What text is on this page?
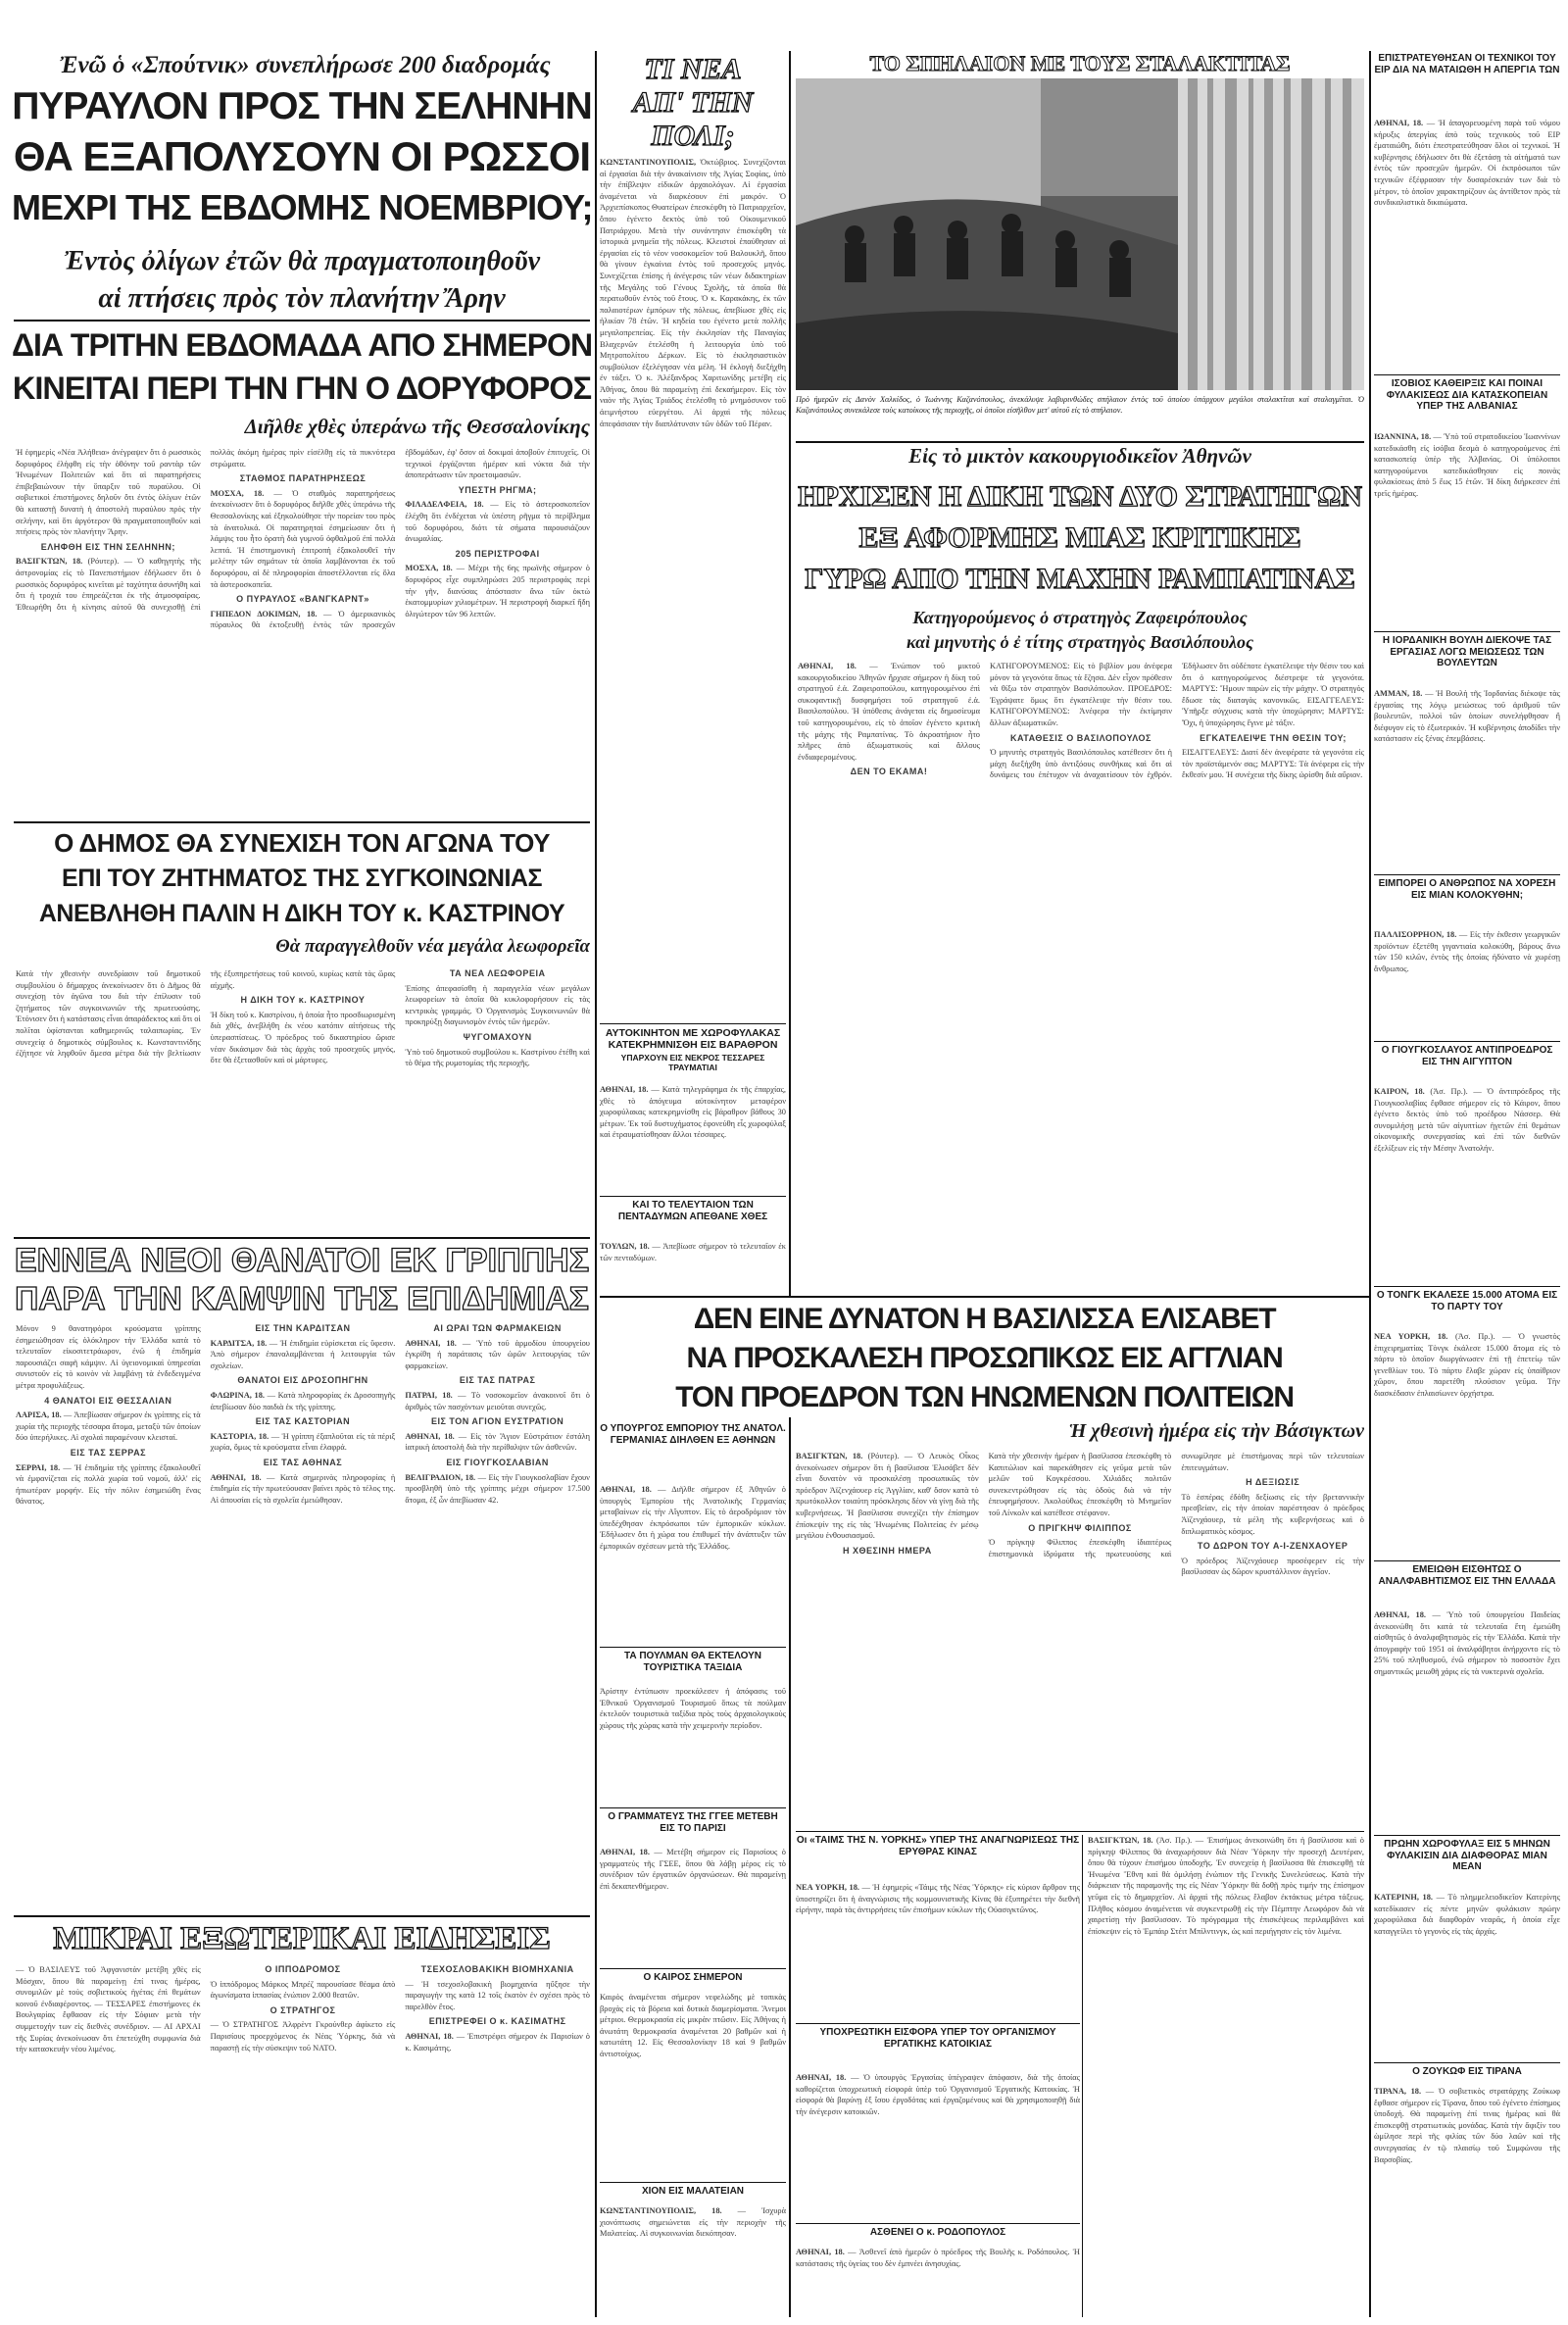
Ἐνῶ ὁ «Σπούτνικ» συνεπλήρωσε 200 διαδρομάς
ΠΥΡΑΥΛΟΝ ΠΡΟΣ ΤΗΝ ΣΕΛΗΝΗΝ
ΘΑ ΕΞΑΠΟΛΥΣΟΥΝ ΟΙ ΡΩΣΣΟΙ
ΜΕΧΡΙ ΤΗΣ ΕΒΔΟΜΗΣ ΝΟΕΜΒΡΙΟΥ;
Ἐντὸς ὀλίγων ἐτῶν θὰ πραγματοποιηθοῦν
αἱ πτήσεις πρὸς τὸν πλανήτην Ἄρην
ΔΙΑ ΤΡΙΤΗΝ ΕΒΔΟΜΑΔΑ ΑΠΟ ΣΗΜΕΡΟΝ
ΚΙΝΕΙΤΑΙ ΠΕΡΙ ΤΗΝ ΓΗΝ Ο ΔΟΡΥΦΟΡΟΣ
Διῆλθε χθὲς ὑπεράνω τῆς Θεσσαλονίκης
Ἡ ἐφημερὶς «Νέα Ἀλήθεια» ἀνέγραψεν ὅτι ὁ ρωσσικὸς δορυφόρος ἐλήφθη εἰς τὴν ὀθόνην τοῦ ραντὰρ τῶν Ἡνωμένων Πολιτειῶν καὶ ὅτι αἱ παρατηρήσεις ἐπιβεβαιώνουν τὴν ὕπαρξιν τοῦ πυραύλου. Οἱ σοβιετικοὶ ἐπιστήμονες δηλοῦν ὅτι ἐντὸς ὀλίγων ἐτῶν θὰ καταστῇ δυνατὴ ἡ ἀποστολὴ πυραύλου πρὸς τὴν σελήνην, καὶ ὅτι ἀργότερον θὰ πραγματοποιηθοῦν καὶ πτήσεις πρὸς τὸν πλανήτην Ἄρην.
ΕΛΗΦΘΗ ΕΙΣ ΤΗΝ ΣΕΛΗΝΗΝ;
ΒΑΣΙΓΚΤΩΝ, 18. (Ρόυτερ). — Ὁ καθηγητὴς τῆς ἀστρονομίας εἰς τὸ Πανεπιστήμιον ἐδήλωσεν ὅτι ὁ ρωσσικὸς δορυφόρος κινεῖται μὲ ταχύτητα ἀσυνήθη καὶ ὅτι ἡ τροχιά του ἐπηρεάζεται ἐκ τῆς ἀτμοσφαίρας. Ἐθεωρήθη ὅτι ἡ κίνησις αὐτοῦ θὰ συνεχισθῇ ἐπὶ πολλὰς ἀκόμη ἡμέρας πρὶν εἰσέλθῃ εἰς τὰ πυκνότερα στρώματα.
ΣΤΑΘΜΟΣ ΠΑΡΑΤΗΡΗΣΕΩΣ
ΜΟΣΧΑ, 18. — Ὁ σταθμὸς παρατηρήσεως ἀνεκοίνωσεν ὅτι ὁ δορυφόρος διῆλθε χθὲς ὑπεράνω τῆς Θεσσαλονίκης καὶ ἐξηκολούθησε τὴν πορείαν του πρὸς τὰ ἀνατολικά. Οἱ παρατηρηταὶ ἐσημείωσαν ὅτι ἡ λάμψις του ἦτο ὁρατὴ διὰ γυμνοῦ ὀφθαλμοῦ ἐπὶ πολλὰ λεπτά. Ἡ ἐπιστημονικὴ ἐπιτροπὴ ἐξακολουθεῖ τὴν μελέτην τῶν σημάτων τὰ ὁποῖα λαμβάνονται ἐκ τοῦ δορυφόρου, αἱ δὲ πληροφορίαι ἀποστέλλονται εἰς ὅλα τὰ ἀστεροσκοπεῖα.
Ο ΠΥΡΑΥΛΟΣ «ΒΑΝΓΚΑΡΝΤ»
ΓΗΠΕΔΟΝ ΔΟΚΙΜΩΝ, 18. — Ὁ ἀμερικανικὸς πύραυλος θὰ ἐκτοξευθῇ ἐντὸς τῶν προσεχῶν ἑβδομάδων, ἐφ' ὅσον αἱ δοκιμαὶ ἀποβοῦν ἐπιτυχεῖς. Οἱ τεχνικοὶ ἐργάζονται ἡμέραν καὶ νύκτα διὰ τὴν ἀποπεράτωσιν τῶν προετοιμασιῶν.
ΥΠΕΣΤΗ ΡΗΓΜΑ;
ΦΙΛΑΔΕΛΦΕΙΑ, 18. — Εἰς τὸ ἀστεροσκοπεῖον ἐλέχθη ὅτι ἐνδέχεται νὰ ὑπέστη ρῆγμα τὸ περίβλημα τοῦ δορυφόρου, διότι τὰ σήματα παρουσιάζουν ἀνωμαλίας.
205 ΠΕΡΙΣΤΡΟΦΑΙ
ΜΟΣΧΑ, 18. — Μέχρι τῆς 6ης πρωϊνῆς σήμερον ὁ δορυφόρος εἶχε συμπληρώσει 205 περιστροφὰς περὶ τὴν γῆν, διανύσας ἀπόστασιν ἄνω τῶν ὀκτὼ ἑκατομμυρίων χιλιομέτρων. Ἡ περιστροφὴ διαρκεῖ ἤδη ὀλιγώτερον τῶν 96 λεπτῶν.
Ο ΔΗΜΟΣ ΘΑ ΣΥΝΕΧΙΣΗ ΤΟΝ ΑΓΩΝΑ ΤΟΥ
ΕΠΙ ΤΟΥ ΖΗΤΗΜΑΤΟΣ ΤΗΣ ΣΥΓΚΟΙΝΩΝΙΑΣ
ΑΝΕΒΛΗΘΗ ΠΑΛΙΝ Η ΔΙΚΗ ΤΟΥ κ. ΚΑΣΤΡΙΝΟΥ
Θὰ παραγγελθοῦν νέα μεγάλα λεωφορεῖα
Κατὰ τὴν χθεσινὴν συνεδρίασιν τοῦ δημοτικοῦ συμβουλίου ὁ δήμαρχος ἀνεκοίνωσεν ὅτι ὁ Δῆμος θὰ συνεχίσῃ τὸν ἀγῶνα του διὰ τὴν ἐπίλυσιν τοῦ ζητήματος τῶν συγκοινωνιῶν τῆς πρωτευούσης. Ἐτόνισεν ὅτι ἡ κατάστασις εἶναι ἀπαράδεκτος καὶ ὅτι οἱ πολῖται ὑφίστανται καθημερινῶς ταλαιπωρίας. Ἐν συνεχείᾳ ὁ δημοτικὸς σύμβουλος κ. Κωνσταντινίδης ἐζήτησε νὰ ληφθοῦν ἄμεσα μέτρα διὰ τὴν βελτίωσιν τῆς ἐξυπηρετήσεως τοῦ κοινοῦ, κυρίως κατὰ τὰς ὥρας αἰχμῆς.
Η ΔΙΚΗ ΤΟΥ κ. ΚΑΣΤΡΙΝΟΥ
Ἡ δίκη τοῦ κ. Καστρίνου, ἡ ὁποία ἦτο προσδιωρισμένη διὰ χθές, ἀνεβλήθη ἐκ νέου κατόπιν αἰτήσεως τῆς ὑπερασπίσεως. Ὁ πρόεδρος τοῦ δικαστηρίου ὥρισε νέαν δικάσιμον διὰ τὰς ἀρχὰς τοῦ προσεχοῦς μηνός, ὅτε θὰ ἐξετασθοῦν καὶ οἱ μάρτυρες.
ΤΑ ΝΕΑ ΛΕΩΦΟΡΕΙΑ
Ἐπίσης ἀπεφασίσθη ἡ παραγγελία νέων μεγάλων λεωφορείων τὰ ὁποῖα θὰ κυκλοφορήσουν εἰς τὰς κεντρικὰς γραμμάς. Ὁ Ὀργανισμὸς Συγκοινωνιῶν θὰ προκηρύξῃ διαγωνισμὸν ἐντὸς τῶν ἡμερῶν.
ΨΥΓΟΜΑΧΟΥΝ
Ὑπὸ τοῦ δημοτικοῦ συμβούλου κ. Καστρίνου ἐτέθη καὶ τὸ θέμα τῆς ρυμοτομίας τῆς περιοχῆς.
ΕΝΝΕΑ ΝΕΟΙ ΘΑΝΑΤΟΙ ΕΚ ΓΡΙΠΠΗΣ
ΠΑΡΑ ΤΗΝ ΚΑΜΨΙΝ ΤΗΣ ΕΠΙΔΗΜΙΑΣ
Μόνον 9 θανατηφόροι κρούσματα γρίππης ἐσημειώθησαν εἰς ὁλόκληρον τὴν Ἑλλάδα κατὰ τὸ τελευταῖον εἰκοσιτετράωρον, ἐνῶ ἡ ἐπιδημία παρουσιάζει σαφῆ κάμψιν. Αἱ ὑγειονομικαὶ ὑπηρεσίαι συνιστοῦν εἰς τὸ κοινὸν νὰ λαμβάνῃ τὰ ἐνδεδειγμένα μέτρα προφυλάξεως.
4 ΘΑΝΑΤΟΙ ΕΙΣ ΘΕΣΣΑΛΙΑΝ
ΛΑΡΙΣΑ, 18. — Ἀπεβίωσαν σήμερον ἐκ γρίππης εἰς τὰ χωρία τῆς περιοχῆς τέσσαρα ἄτομα, μεταξὺ τῶν ὁποίων δύο ὑπερήλικες. Αἱ σχολαὶ παραμένουν κλεισταί.
ΕΙΣ ΤΑΣ ΣΕΡΡΑΣ
ΣΕΡΡΑΙ, 18. — Ἡ ἐπιδημία τῆς γρίππης ἐξακολουθεῖ νὰ ἐμφανίζεται εἰς πολλὰ χωρία τοῦ νομοῦ, ἀλλ' εἰς ἠπιωτέραν μορφήν. Εἰς τὴν πόλιν ἐσημειώθη ἕνας θάνατος.
ΕΙΣ ΤΗΝ ΚΑΡΔΙΤΣΑΝ
ΚΑΡΔΙΤΣΑ, 18. — Ἡ ἐπιδημία εὑρίσκεται εἰς ὕφεσιν. Ἀπὸ σήμερον ἐπαναλαμβάνεται ἡ λειτουργία τῶν σχολείων.
ΘΑΝΑΤΟΙ ΕΙΣ ΔΡΟΣΟΠΗΓΗΝ
ΦΛΩΡΙΝΑ, 18. — Κατὰ πληροφορίας ἐκ Δροσοπηγῆς ἀπεβίωσαν δύο παιδιὰ ἐκ τῆς γρίππης.
ΕΙΣ ΤΑΣ ΚΑΣΤΟΡΙΑΝ
ΚΑΣΤΟΡΙΑ, 18. — Ἡ γρίππη ἐξαπλοῦται εἰς τὰ πέριξ χωρία, ὅμως τὰ κρούσματα εἶναι ἐλαφρά.
ΕΙΣ ΤΑΣ ΑΘΗΝΑΣ
ΑΘΗΝΑΙ, 18. — Κατὰ σημερινὰς πληροφορίας ἡ ἐπιδημία εἰς τὴν πρωτεύουσαν βαίνει πρὸς τὸ τέλος της. Αἱ ἀπουσίαι εἰς τὰ σχολεῖα ἐμειώθησαν.
ΑΙ ΩΡΑΙ ΤΩΝ ΦΑΡΜΑΚΕΙΩΝ
ΑΘΗΝΑΙ, 18. — Ὑπὸ τοῦ ἁρμοδίου ὑπουργείου ἐγκρίθη ἡ παράτασις τῶν ὡρῶν λειτουργίας τῶν φαρμακείων.
ΕΙΣ ΤΑΣ ΠΑΤΡΑΣ
ΠΑΤΡΑΙ, 18. — Τὸ νοσοκομεῖον ἀνακοινοῖ ὅτι ὁ ἀριθμὸς τῶν πασχόντων μειοῦται συνεχῶς.
ΕΙΣ ΤΟΝ ΑΓΙΟΝ ΕΥΣΤΡΑΤΙΟΝ
ΑΘΗΝΑΙ, 18. — Εἰς τὸν Ἅγιον Εὐστράτιον ἐστάλη ἰατρικὴ ἀποστολὴ διὰ τὴν περίθαλψιν τῶν ἀσθενῶν.
ΕΙΣ ΓΙΟΥΓΚΟΣΛΑΒΙΑΝ
ΒΕΛΙΓΡΑΔΙΟΝ, 18. — Εἰς τὴν Γιουγκοσλαβίαν ἔχουν προσβληθῆ ὑπὸ τῆς γρίππης μέχρι σήμερον 17.500 ἄτομα, ἐξ ὧν ἀπεβίωσαν 42.
ΜΙΚΡΑΙ ΕΞΩΤΕΡΙΚΑΙ ΕΙΔΗΣΕΙΣ
— Ὁ ΒΑΣΙΛΕΥΣ τοῦ Ἀφγανιστὰν μετέβη χθὲς εἰς Μόσχαν, ὅπου θὰ παραμείνῃ ἐπί τινας ἡμέρας, συνομιλῶν μὲ τοὺς σοβιετικοὺς ἡγέτας ἐπὶ θεμάτων κοινοῦ ἐνδιαφέροντος. — ΤΕΣΣΑΡΕΣ ἐπιστήμονες ἐκ Βουλγαρίας ἔφθασαν εἰς τὴν Σόφιαν μετὰ τὴν συμμετοχήν των εἰς διεθνὲς συνέδριον. — ΑΙ ΑΡΧΑΙ τῆς Συρίας ἀνεκοίνωσαν ὅτι ἐπετεύχθη συμφωνία διὰ τὴν κατασκευὴν νέου λιμένος.
Ο ΙΠΠΟΔΡΟΜΟΣ
Ὁ ἱππόδρομος Μάρκος Μπρέζ παρουσίασε θέαμα ἀπὸ ἀγωνίσματα ἱππασίας ἐνώπιον 2.000 θεατῶν.
Ο ΣΤΡΑΤΗΓΟΣ
— Ὁ ΣΤΡΑΤΗΓΟΣ Ἀλφρὲντ Γκρούνθερ ἀφίκετο εἰς Παρισίους προερχόμενος ἐκ Νέας Ὑόρκης, διὰ νὰ παραστῇ εἰς τὴν σύσκεψιν τοῦ ΝΑΤΟ.
ΤΣΕΧΟΣΛΟΒΑΚΙΚΗ ΒΙΟΜΗΧΑΝΙΑ
— Ἡ τσεχοσλοβακικὴ βιομηχανία ηὔξησε τὴν παραγωγήν της κατὰ 12 τοῖς ἑκατὸν ἐν σχέσει πρὸς τὸ παρελθὸν ἔτος.
ΕΠΙΣΤΡΕΦΕΙ Ο κ. ΚΑΣΙΜΑΤΗΣ
ΑΘΗΝΑΙ, 18. — Ἐπιστρέφει σήμερον ἐκ Παρισίων ὁ κ. Κασιμάτης.
ΤΙ ΝΕΑ
ΑΠ' ΤΗΝ
ΠΟΛΙ;
ΚΩΝΣΤΑΝΤΙΝΟΥΠΟΛΙΣ, Ὀκτώβριος. Συνεχίζονται αἱ ἐργασίαι διὰ τὴν ἀνακαίνισιν τῆς Ἁγίας Σοφίας, ὑπὸ τὴν ἐπίβλεψιν εἰδικῶν ἀρχαιολόγων. Αἱ ἐργασίαι ἀναμένεται νὰ διαρκέσουν ἐπὶ μακρόν. Ὁ Ἀρχιεπίσκοπος Θυατείρων ἐπεσκέφθη τὸ Πατριαρχεῖον, ὅπου ἐγένετο δεκτὸς ὑπὸ τοῦ Οἰκουμενικοῦ Πατριάρχου. Μετὰ τὴν συνάντησιν ἐπισκέφθη τὰ ἱστορικὰ μνημεῖα τῆς πόλεως. Κλειστοὶ ἐπαύθησαν αἱ ἐργασίαι εἰς τὸ νέον νοσοκομεῖον τοῦ Βαλουκλῆ, ὅπου θὰ γίνουν ἐγκαίνια ἐντὸς τοῦ προσεχοῦς μηνός. Συνεχίζεται ἐπίσης ἡ ἀνέγερσις τῶν νέων διδακτηρίων τῆς Μεγάλης τοῦ Γένους Σχολῆς, τὰ ὁποῖα θὰ περατωθοῦν ἐντὸς τοῦ ἔτους. Ὁ κ. Καρακάκης, ἐκ τῶν παλαιοτέρων ἐμπόρων τῆς πόλεως, ἀπεβίωσε χθὲς εἰς ἡλικίαν 78 ἐτῶν. Ἡ κηδεία του ἐγένετο μετὰ πολλῆς μεγαλοπρεπείας. Εἰς τὴν ἐκκλησίαν τῆς Παναγίας Βλαχερνῶν ἐτελέσθη ἡ λειτουργία ὑπὸ τοῦ Μητροπολίτου Δέρκων. Εἰς τὸ ἐκκλησιαστικὸν συμβούλιον ἐξελέγησαν νέα μέλη. Ἡ ἐκλογὴ διεξήχθη ἐν τάξει. Ὁ κ. Ἀλέξανδρος Χαριτωνίδης μετέβη εἰς Ἀθήνας, ὅπου θὰ παραμείνῃ ἐπὶ δεκαήμερον. Εἰς τὸν ναὸν τῆς Ἁγίας Τριάδος ἐτελέσθη τὸ μνημόσυνον τοῦ ἀειμνήστου εὐεργέτου. Αἱ ἀρχαὶ τῆς πόλεως ἀπεφάσισαν τὴν διαπλάτυνσιν τῶν ὁδῶν τοῦ Πέραν.
ΑΥΤΟΚΙΝΗΤΟΝ ΜΕ ΧΩΡΟΦΥΛΑΚΑΣ ΚΑΤΕΚΡΗΜΝΙΣΘΗ ΕΙΣ ΒΑΡΑΘΡΟΝ
ΥΠΑΡΧΟΥΝ ΕΙΣ ΝΕΚΡΟΣ ΤΕΣΣΑΡΕΣ ΤΡΑΥΜΑΤΙΑΙ
ΑΘΗΝΑΙ, 18. — Κατὰ τηλεγράφημα ἐκ τῆς ἐπαρχίας, χθὲς τὸ ἀπόγευμα αὐτοκίνητον μεταφέρον χωροφύλακας κατεκρημνίσθη εἰς βάραθρον βάθους 30 μέτρων. Ἐκ τοῦ δυστυχήματος ἐφονεύθη εἷς χωροφύλαξ καὶ ἐτραυματίσθησαν ἄλλοι τέσσαρες.
ΚΑΙ ΤΟ ΤΕΛΕΥΤΑΙΟΝ ΤΩΝ ΠΕΝΤΑΔΥΜΩΝ ΑΠΕΘΑΝΕ ΧΘΕΣ
ΤΟΥΛΩΝ, 18. — Ἀπεβίωσε σήμερον τὸ τελευταῖον ἐκ τῶν πενταδύμων.
ΤΟ ΣΠΗΛΑΙΟΝ ΜΕ ΤΟΥΣ ΣΤΑΛΑΚΤΙΤΑΣ
Πρὸ ἡμερῶν εἰς Δανὸν Χαλκίδος, ὁ Ἰωάννης Καζανόπουλος, ἀνεκάλυψε λαβυρινθώδες σπήλαιον ἐντὸς τοῦ ὁποίου ὑπάρχουν μεγάλοι σταλακτῖται καὶ σταλαγμῖται. Ὁ Καζανόπουλος συνεκάλεσε τοὺς κατοίκους τῆς περιοχῆς, οἱ ὁποῖοι εἰσῆλθον μετ' αὐτοῦ εἰς τὸ σπήλαιον.
Εἰς τὸ μικτὸν κακουργιοδικεῖον Ἀθηνῶν
ΗΡΧΙΣΕΝ Η ΔΙΚΗ ΤΩΝ ΔΥΟ ΣΤΡΑΤΗΓΩΝ
ΕΞ ΑΦΟΡΜΗΣ ΜΙΑΣ ΚΡΙΤΙΚΗΣ
ΓΥΡΩ ΑΠΟ ΤΗΝ ΜΑΧΗΝ ΡΑΜΠΑΤΙΝΑΣ
Κατηγορούμενος ὁ στρατηγὸς Ζαφειρόπουλος
καὶ μηνυτὴς ὁ ἐ τίτης στρατηγὸς Βασιλόπουλος
ΑΘΗΝΑΙ, 18. — Ἐνώπιον τοῦ μικτοῦ κακουργιοδικείου Ἀθηνῶν ἤρχισε σήμερον ἡ δίκη τοῦ στρατηγοῦ ἐ.ἀ. Ζαφειροπούλου, κατηγορουμένου ἐπὶ συκοφαντικῇ δυσφημήσει τοῦ στρατηγοῦ ἐ.ἀ. Βασιλοπούλου. Ἡ ὑπόθεσις ἀνάγεται εἰς δημοσίευμα τοῦ κατηγορουμένου, εἰς τὸ ὁποῖον ἐγένετο κριτικὴ τῆς μάχης τῆς Ραμπατίνας. Τὸ ἀκροατήριον ἦτο πλῆρες ἀπὸ ἀξιωματικοὺς καὶ ἄλλους ἐνδιαφερομένους.
ΔΕΝ ΤΟ ΕΚΑΜΑ!
ΚΑΤΗΓΟΡΟΥΜΕΝΟΣ: Εἰς τὸ βιβλίον μου ἀνέφερα μόνον τὰ γεγονότα ὅπως τὰ ἔζησα. Δὲν εἶχον πρόθεσιν νὰ θίξω τὸν στρατηγὸν Βασιλόπουλον. ΠΡΟΕΔΡΟΣ: Ἐγράψατε ὅμως ὅτι ἐγκατέλειψε τὴν θέσιν του. ΚΑΤΗΓΟΡΟΥΜΕΝΟΣ: Ἀνέφερα τὴν ἐκτίμησιν ἄλλων ἀξιωματικῶν.
ΚΑΤΑΘΕΣΙΣ Ο ΒΑΣΙΛΟΠΟΥΛΟΣ
Ὁ μηνυτὴς στρατηγὸς Βασιλόπουλος κατέθεσεν ὅτι ἡ μάχη διεξήχθη ὑπὸ ἀντιξόους συνθήκας καὶ ὅτι αἱ δυνάμεις του ἐπέτυχον νὰ ἀναχαιτίσουν τὸν ἐχθρόν. Ἐδήλωσεν ὅτι οὐδέποτε ἐγκατέλειψε τὴν θέσιν του καὶ ὅτι ὁ κατηγορούμενος διέστρεψε τὰ γεγονότα. ΜΑΡΤΥΣ: Ἤμουν παρὼν εἰς τὴν μάχην. Ὁ στρατηγὸς ἔδωσε τὰς διαταγὰς κανονικῶς. ΕΙΣΑΓΓΕΛΕΥΣ: Ὑπῆρξε σύγχυσις κατὰ τὴν ὑποχώρησιν; ΜΑΡΤΥΣ: Ὄχι, ἡ ὑποχώρησις ἔγινε μὲ τάξιν.
ΕΓΚΑΤΕΛΕΙΨΕ ΤΗΝ ΘΕΣΙΝ ΤΟΥ;
ΕΙΣΑΓΓΕΛΕΥΣ: Διατί δὲν ἀνεφέρατε τὰ γεγονότα εἰς τὸν προϊστάμενόν σας; ΜΑΡΤΥΣ: Τὰ ἀνέφερα εἰς τὴν ἔκθεσίν μου. Ἡ συνέχεια τῆς δίκης ὡρίσθη διὰ αὔριον.
ΔΕΝ ΕΙΝΕ ΔΥΝΑΤΟΝ Η ΒΑΣΙΛΙΣΣΑ ΕΛΙΣΑΒΕΤ
ΝΑ ΠΡΟΣΚΑΛΕΣΗ ΠΡΟΣΩΠΙΚΩΣ ΕΙΣ ΑΓΓΛΙΑΝ
ΤΟΝ ΠΡΟΕΔΡΟΝ ΤΩΝ ΗΝΩΜΕΝΩΝ ΠΟΛΙΤΕΙΩΝ
Ἡ χθεσινὴ ἡμέρα εἰς τὴν Βάσιγκτων
Ο ΥΠΟΥΡΓΟΣ ΕΜΠΟΡΙΟΥ ΤΗΣ ΑΝΑΤΟΛ. ΓΕΡΜΑΝΙΑΣ ΔΙΗΛΘΕΝ ΕΞ ΑΘΗΝΩΝ
ΑΘΗΝΑΙ, 18. — Διῆλθε σήμερον ἐξ Ἀθηνῶν ὁ ὑπουργὸς Ἐμπορίου τῆς Ἀνατολικῆς Γερμανίας μεταβαίνων εἰς τὴν Αἴγυπτον. Εἰς τὸ ἀεροδρόμιον τὸν ὑπεδέχθησαν ἐκπρόσωποι τῶν ἐμπορικῶν κύκλων. Ἐδήλωσεν ὅτι ἡ χώρα του ἐπιθυμεῖ τὴν ἀνάπτυξιν τῶν ἐμπορικῶν σχέσεων μετὰ τῆς Ἑλλάδος.
ΤΑ ΠΟΥΛΜΑΝ ΘΑ ΕΚΤΕΛΟΥΝ ΤΟΥΡΙΣΤΙΚΑ ΤΑΞΙΔΙΑ
Ἀρίστην ἐντύπωσιν προεκάλεσεν ἡ ἀπόφασις τοῦ Ἐθνικοῦ Ὀργανισμοῦ Τουρισμοῦ ὅπως τὰ πούλμαν ἐκτελοῦν τουριστικὰ ταξίδια πρὸς τοὺς ἀρχαιολογικοὺς χώρους τῆς χώρας κατὰ τὴν χειμερινὴν περίοδον.
Ο ΓΡΑΜΜΑΤΕΥΣ ΤΗΣ ΓΓΕΕ ΜΕΤΕΒΗ ΕΙΣ ΤΟ ΠΑΡΙΣΙ
ΑΘΗΝΑΙ, 18. — Μετέβη σήμερον εἰς Παρισίους ὁ γραμματεὺς τῆς ΓΣΕΕ, ὅπου θὰ λάβῃ μέρος εἰς τὸ συνέδριον τῶν ἐργατικῶν ὀργανώσεων. Θὰ παραμείνῃ ἐπὶ δεκαπενθήμερον.
Ο ΚΑΙΡΟΣ ΣΗΜΕΡΟΝ
Καιρὸς ἀναμένεται σήμερον νεφελώδης μὲ τοπικὰς βροχὰς εἰς τὰ βόρεια καὶ δυτικὰ διαμερίσματα. Ἄνεμοι μέτριοι. Θερμοκρασία εἰς μικρὰν πτῶσιν. Εἰς Ἀθήνας ἡ ἀνωτάτη θερμοκρασία ἀναμένεται 20 βαθμῶν καὶ ἡ κατωτάτη 12. Εἰς Θεσσαλονίκην 18 καὶ 9 βαθμῶν ἀντιστοίχως.
ΧΙΟΝ ΕΙΣ ΜΑΛΑΤΕΙΑΝ
ΚΩΝΣΤΑΝΤΙΝΟΥΠΟΛΙΣ, 18. — Ἰσχυρὰ χιονόπτωσις σημειώνεται εἰς τὴν περιοχὴν τῆς Μαλατείας. Αἱ συγκοινωνίαι διεκόπησαν.
ΒΑΣΙΓΚΤΩΝ, 18. (Ρόυτερ). — Ὁ Λευκὸς Οἶκος ἀνεκοίνωσεν σήμερον ὅτι ἡ βασίλισσα Ἐλισάβετ δὲν εἶναι δυνατὸν νὰ προσκαλέσῃ προσωπικῶς τὸν πρόεδρον Ἀϊζενχάουερ εἰς Ἀγγλίαν, καθ' ὅσον κατὰ τὸ πρωτόκολλον τοιαύτη πρόσκλησις δέον νὰ γίνῃ διὰ τῆς κυβερνήσεως. Ἡ βασίλισσα συνεχίζει τὴν ἐπίσημον ἐπίσκεψίν της εἰς τὰς Ἡνωμένας Πολιτείας ἐν μέσῳ μεγάλου ἐνθουσιασμοῦ.
Η ΧΘΕΣΙΝΗ ΗΜΕΡΑ
Κατὰ τὴν χθεσινὴν ἡμέραν ἡ βασίλισσα ἐπεσκέφθη τὸ Καπιτώλιον καὶ παρεκάθησεν εἰς γεῦμα μετὰ τῶν μελῶν τοῦ Κογκρέσσου. Χιλιάδες πολιτῶν συνεκεντρώθησαν εἰς τὰς ὁδοὺς διὰ νὰ τὴν ἐπευφημήσουν. Ἀκολούθως ἐπεσκέφθη τὸ Μνημεῖον τοῦ Λίνκολν καὶ κατέθεσε στέφανον.
Ο ΠΡΙΓΚΗΨ ΦΙΛΙΠΠΟΣ
Ὁ πρίγκηψ Φίλιππος ἐπεσκέφθη ἰδιαιτέρως ἐπιστημονικὰ ἱδρύματα τῆς πρωτευούσης καὶ συνωμίλησε μὲ ἐπιστήμονας περὶ τῶν τελευταίων ἐπιτευγμάτων.
Η ΔΕΞΙΩΣΙΣ
Τὸ ἑσπέρας ἐδόθη δεξίωσις εἰς τὴν βρεταννικὴν πρεσβείαν, εἰς τὴν ὁποίαν παρέστησαν ὁ πρόεδρος Ἀϊζενχάουερ, τὰ μέλη τῆς κυβερνήσεως καὶ ὁ διπλωματικὸς κόσμος.
ΤΟ ΔΩΡΟΝ ΤΟΥ Α-Ι-ΖΕΝΧΑΟΥΕΡ
Ὁ πρόεδρος Ἀϊζενχάουερ προσέφερεν εἰς τὴν βασίλισσαν ὡς δῶρον κρυστάλλινον ἀγγεῖον.
Οι «ΤΑΙΜΣ ΤΗΣ Ν. ΥΟΡΚΗΣ» ΥΠΕΡ ΤΗΣ ΑΝΑΓΝΩΡΙΣΕΩΣ ΤΗΣ ΕΡΥΘΡΑΣ ΚΙΝΑΣ
ΝΕΑ ΥΟΡΚΗ, 18. — Ἡ ἐφημερὶς «Τάιμς τῆς Νέας Ὑόρκης» εἰς κύριον ἄρθρον της ὑποστηρίζει ὅτι ἡ ἀναγνώρισις τῆς κομμουνιστικῆς Κίνας θὰ ἐξυπηρέτει τὴν διεθνῆ εἰρήνην, παρὰ τὰς ἀντιρρήσεις τῶν ἐπισήμων κύκλων τῆς Οὐασιγκτῶνος.
ΥΠΟΧΡΕΩΤΙΚΗ ΕΙΣΦΟΡΑ ΥΠΕΡ ΤΟΥ ΟΡΓΑΝΙΣΜΟΥ ΕΡΓΑΤΙΚΗΣ ΚΑΤΟΙΚΙΑΣ
ΑΘΗΝΑΙ, 18. — Ὁ ὑπουργὸς Ἐργασίας ὑπέγραψεν ἀπόφασιν, διὰ τῆς ὁποίας καθορίζεται ὑποχρεωτικὴ εἰσφορὰ ὑπὲρ τοῦ Ὀργανισμοῦ Ἐργατικῆς Κατοικίας. Ἡ εἰσφορὰ θὰ βαρύνῃ ἐξ ἴσου ἐργοδότας καὶ ἐργαζομένους καὶ θὰ χρησιμοποιηθῇ διὰ τὴν ἀνέγερσιν κατοικιῶν.
ΑΣΘΕΝΕΙ Ο κ. ΡΟΔΟΠΟΥΛΟΣ
ΑΘΗΝΑΙ, 18. — Ἀσθενεῖ ἀπὸ ἡμερῶν ὁ πρόεδρος τῆς Βουλῆς κ. Ροδόπουλος. Ἡ κατάστασις τῆς ὑγείας του δὲν ἐμπνέει ἀνησυχίας.
ΒΑΣΙΓΚΤΩΝ, 18. (Ἀσ. Πρ.). — Ἐπισήμως ἀνεκοινώθη ὅτι ἡ βασίλισσα καὶ ὁ πρίγκηψ Φίλιππος θὰ ἀναχωρήσουν διὰ Νέαν Ὑόρκην τὴν προσεχῆ Δευτέραν, ὅπου θὰ τύχουν ἐπισήμου ὑποδοχῆς. Ἐν συνεχείᾳ ἡ βασίλισσα θὰ ἐπισκεφθῇ τὰ Ἡνωμένα Ἔθνη καὶ θὰ ὁμιλήσῃ ἐνώπιον τῆς Γενικῆς Συνελεύσεως. Κατὰ τὴν διάρκειαν τῆς παραμονῆς της εἰς Νέαν Ὑόρκην θὰ δοθῇ πρὸς τιμήν της ἐπίσημον γεῦμα εἰς τὸ δημαρχεῖον. Αἱ ἀρχαὶ τῆς πόλεως ἔλαβον ἐκτάκτως μέτρα τάξεως. Πλῆθος κόσμου ἀναμένεται νὰ συγκεντρωθῇ εἰς τὴν Πέμπτην Λεωφόρον διὰ νὰ χαιρετίσῃ τὴν βασίλισσαν. Τὸ πρόγραμμα τῆς ἐπισκέψεως περιλαμβάνει καὶ ἐπίσκεψιν εἰς τὸ Ἐμπάιρ Στέιτ Μπίλντινγκ, ὡς καὶ περιήγησιν εἰς τὸν λιμένα.
ΕΠΙΣΤΡΑΤΕΥΘΗΣΑΝ ΟΙ ΤΕΧΝΙΚΟΙ ΤΟΥ ΕΙΡ ΔΙΑ ΝΑ ΜΑΤΑΙΩΘΗ Η ΑΠΕΡΓΙΑ ΤΩΝ
ΑΘΗΝΑΙ, 18. — Ἡ ἀπαγορευομένη παρὰ τοῦ νόμου κήρυξις ἀπεργίας ἀπὸ τοὺς τεχνικοὺς τοῦ ΕΙΡ ἐματαιώθη, διότι ἐπεστρατεύθησαν ὅλοι οἱ τεχνικοί. Ἡ κυβέρνησις ἐδήλωσεν ὅτι θὰ ἐξετάσῃ τὰ αἰτήματά των ἐντὸς τῶν προσεχῶν ἡμερῶν. Οἱ ἐκπρόσωποι τῶν τεχνικῶν ἐξέφρασαν τὴν δυσαρέσκειάν των διὰ τὸ μέτρον, τὸ ὁποῖον χαρακτηρίζουν ὡς ἀντίθετον πρὸς τὰ συνδικαλιστικὰ δικαιώματα.
ΙΣΟΒΙΟΣ ΚΑΘΕΙΡΞΙΣ ΚΑΙ ΠΟΙΝΑΙ ΦΥΛΑΚΙΣΕΩΣ ΔΙΑ ΚΑΤΑΣΚΟΠΕΙΑΝ ΥΠΕΡ ΤΗΣ ΑΛΒΑΝΙΑΣ
ΙΩΑΝΝΙΝΑ, 18. — Ὑπὸ τοῦ στρατοδικείου Ἰωαννίνων κατεδικάσθη εἰς ἰσόβια δεσμὰ ὁ κατηγορούμενος ἐπὶ κατασκοπείᾳ ὑπὲρ τῆς Ἀλβανίας. Οἱ ὑπόλοιποι κατηγορούμενοι κατεδικάσθησαν εἰς ποινὰς φυλακίσεως ἀπὸ 5 ἕως 15 ἐτῶν. Ἡ δίκη διήρκεσεν ἐπὶ τρεῖς ἡμέρας.
Η ΙΟΡΔΑΝΙΚΗ ΒΟΥΛΗ ΔΙΕΚΟΨΕ ΤΑΣ ΕΡΓΑΣΙΑΣ ΛΟΓΩ ΜΕΙΩΣΕΩΣ ΤΩΝ ΒΟΥΛΕΥΤΩΝ
ΑΜΜΑΝ, 18. — Ἡ Βουλὴ τῆς Ἰορδανίας διέκοψε τὰς ἐργασίας της λόγῳ μειώσεως τοῦ ἀριθμοῦ τῶν βουλευτῶν, πολλοὶ τῶν ὁποίων συνελήφθησαν ἢ διέφυγον εἰς τὸ ἐξωτερικόν. Ἡ κυβέρνησις ἀποδίδει τὴν κατάστασιν εἰς ξένας ἐπεμβάσεις.
ΕΙΜΠΟΡΕΙ Ο ΑΝΘΡΩΠΟΣ ΝΑ ΧΟΡΕΣΗ ΕΙΣ ΜΙΑΝ ΚΟΛΟΚΥΘΗΝ;
ΠΑΛΛΙΣΟΡΡΗΟΝ, 18. — Εἰς τὴν ἐκθεσιν γεωργικῶν προϊόντων ἐξετέθη γιγαντιαία κολοκύθη, βάρους ἄνω τῶν 150 κιλῶν, ἐντὸς τῆς ὁποίας ἠδύνατο νὰ χωρέσῃ ἄνθρωπος.
Ο ΓΙΟΥΓΚΟΣΛΑΥΟΣ ΑΝΤΙΠΡΟΕΔΡΟΣ ΕΙΣ ΤΗΝ ΑΙΓΥΠΤΟΝ
ΚΑΙΡΟΝ, 18. (Ἀσ. Πρ.). — Ὁ ἀντιπρόεδρος τῆς Γιουγκοσλαβίας ἔφθασε σήμερον εἰς τὸ Κάιρον, ὅπου ἐγένετο δεκτὸς ὑπὸ τοῦ προέδρου Νάσσερ. Θὰ συνομιλήσῃ μετὰ τῶν αἰγυπτίων ἡγετῶν ἐπὶ θεμάτων οἰκονομικῆς συνεργασίας καὶ ἐπὶ τῶν διεθνῶν ἐξελίξεων εἰς τὴν Μέσην Ἀνατολήν.
Ο ΤΟΝΓΚ ΕΚΑΛΕΣΕ 15.000 ΑΤΟΜΑ ΕΙΣ ΤΟ ΠΑΡΤΥ ΤΟΥ
ΝΕΑ ΥΟΡΚΗ, 18. (Ἀσ. Πρ.). — Ὁ γνωστὸς ἑπιχειρηματίας Τὸνγκ ἐκάλεσε 15.000 ἄτομα εἰς τὸ πάρτυ τὸ ὁποῖον διωργάνωσεν ἐπὶ τῇ ἐπετείῳ τῶν γενεθλίων του. Τὸ πάρτυ ἔλαβε χώραν εἰς ὑπαίθριον χῶρον, ὅπου παρετέθη πλούσιον γεῦμα. Τὴν διασκέδασιν ἐπλαισίωνεν ὀρχήστρα.
ΕΜΕΙΩΘΗ ΕΙΣΘΗΤΩΣ Ο ΑΝΑΛΦΑΒΗΤΙΣΜΟΣ ΕΙΣ ΤΗΝ ΕΛΛΑΔΑ
ΑΘΗΝΑΙ, 18. — Ὑπὸ τοῦ ὑπουργείου Παιδείας ἀνεκοινώθη ὅτι κατὰ τὰ τελευταῖα ἔτη ἐμειώθη αἰσθητῶς ὁ ἀναλφαβητισμὸς εἰς τὴν Ἑλλάδα. Κατὰ τὴν ἀπογραφὴν τοῦ 1951 οἱ ἀναλφάβητοι ἀνήρχοντο εἰς τὸ 25% τοῦ πληθυσμοῦ, ἐνῶ σήμερον τὸ ποσοστὸν ἔχει σημαντικῶς μειωθῆ χάρις εἰς τὰ νυκτερινὰ σχολεῖα.
ΠΡΩΗΝ ΧΩΡΟΦΥΛΑΞ ΕΙΣ 5 ΜΗΝΩΝ ΦΥΛΑΚΙΣΙΝ ΔΙΑ ΔΙΑΦΘΟΡΑΣ ΜΙΑΝ ΜΕΑΝ
ΚΑΤΕΡΙΝΗ, 18. — Τὸ πλημμελειοδικεῖον Κατερίνης κατεδίκασεν εἰς πέντε μηνῶν φυλάκισιν πρώην χωροφύλακα διὰ διαφθορὰν νεαρᾶς, ἡ ὁποία εἶχε καταγγείλει τὸ γεγονὸς εἰς τὰς ἀρχάς.
Ο ΖΟΥΚΩΦ ΕΙΣ ΤΙΡΑΝΑ
ΤΙΡΑΝΑ, 18. — Ὁ σοβιετικὸς στρατάρχης Ζούκωφ ἔφθασε σήμερον εἰς Τίρανα, ὅπου τοῦ ἐγένετο ἐπίσημος ὑποδοχή. Θὰ παραμείνῃ ἐπί τινας ἡμέρας καὶ θὰ ἐπισκεφθῇ στρατιωτικὰς μονάδας. Κατὰ τὴν ἄφιξίν του ὡμίλησε περὶ τῆς φιλίας τῶν δύο λαῶν καὶ τῆς συνεργασίας ἐν τῷ πλαισίῳ τοῦ Συμφώνου τῆς Βαρσοβίας.
